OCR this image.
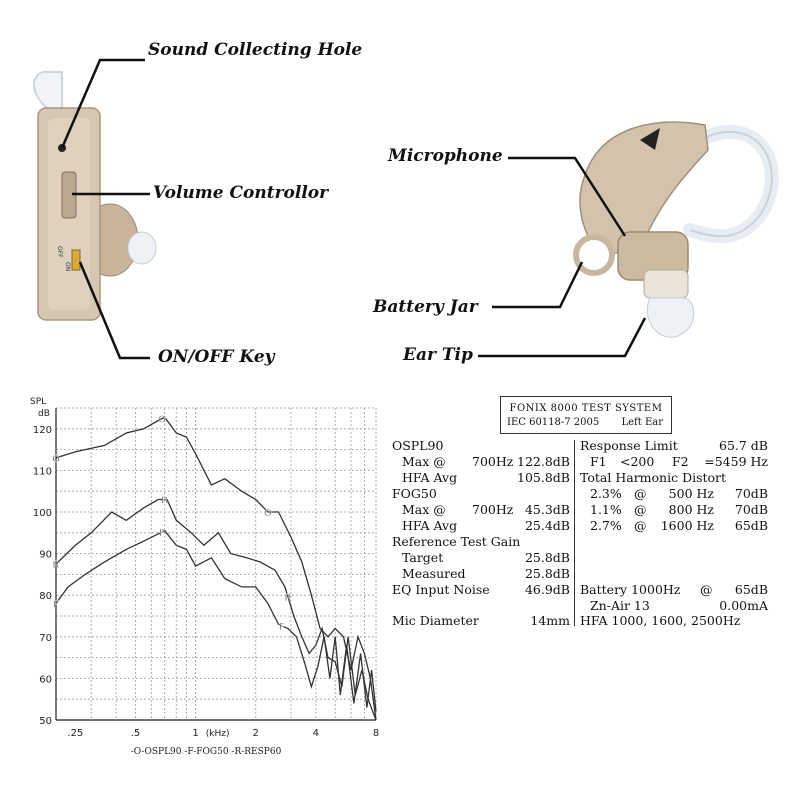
OFF
ON
Sound Collecting Hole
Volume Controllor
ON/OFF Key
Microphone
Battery Jar
Ear Tip
50
60
70
80
90
100
110
120
SPL
dB
.25	.5	1	2	4	8
(kHz)
-O-OSPL90 -F-FOG50 -R-RESP60
O
O
O
R
R
R
F
F
F
FONIX 8000 TEST SYSTEM
IEC 60118-7 2005 Left Ear
OSPL90
Max @ 700Hz 122.8dB
HFA Avg	105.8dB
FOG50
Max @ 700Hz 45.3dB
HFA Avg	25.4dB
Reference Test Gain
Target	25.8dB
Measured	25.8dB
EQ Input Noise	46.9dB
Mic Diameter	14mm
Response Limit	65.7 dB
F1 <200 F2	=5459 Hz
Total Harmonic Distort
2.3% @	500 Hz	70dB
1.1% @	800 Hz	70dB
2.7% @	1600 Hz	65dB
Battery 1000Hz @	65dB
Zn-Air 13	0.00mA
HFA 1000, 1600, 2500Hz
